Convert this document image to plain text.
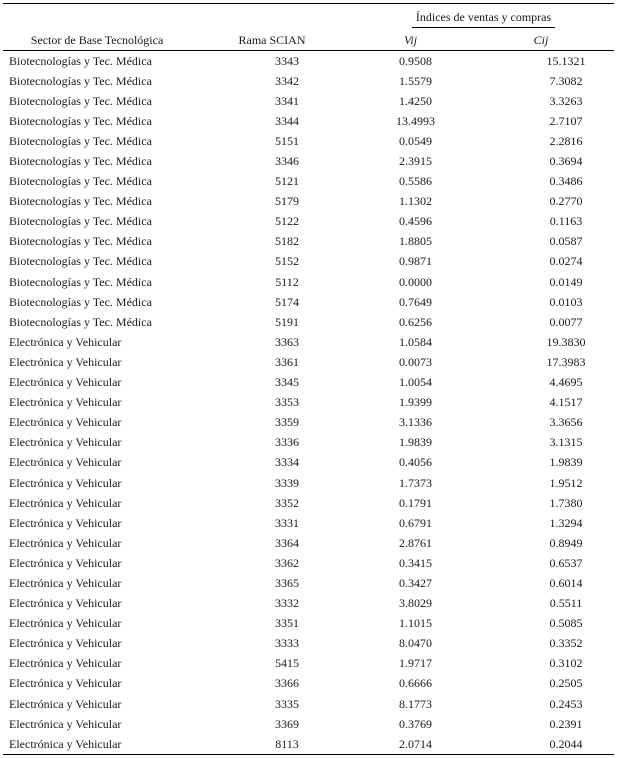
		Índices de ventas y compras	
Sector de Base Tecnológica	Rama SCIAN	Vij	Cij
Biotecnologías y Tec. Médica	3343	0.9508	15.1321
Biotecnologías y Tec. Médica	3342	1.5579	7.3082
Biotecnologías y Tec. Médica	3341	1.4250	3.3263
Biotecnologías y Tec. Médica	3344	13.4993	2.7107
Biotecnologías y Tec. Médica	5151	0.0549	2.2816
Biotecnologías y Tec. Médica	3346	2.3915	0.3694
Biotecnologías y Tec. Médica	5121	0.5586	0.3486
Biotecnologías y Tec. Médica	5179	1.1302	0.2770
Biotecnologías y Tec. Médica	5122	0.4596	0.1163
Biotecnologías y Tec. Médica	5182	1.8805	0.0587
Biotecnologías y Tec. Médica	5152	0.9871	0.0274
Biotecnologías y Tec. Médica	5112	0.0000	0.0149
Biotecnologías y Tec. Médica	5174	0.7649	0.0103
Biotecnologías y Tec. Médica	5191	0.6256	0.0077
Electrónica y Vehicular	3363	1.0584	19.3830
Electrónica y Vehicular	3361	0.0073	17.3983
Electrónica y Vehicular	3345	1.0054	4.4695
Electrónica y Vehicular	3353	1.9399	4.1517
Electrónica y Vehicular	3359	3.1336	3.3656
Electrónica y Vehicular	3336	1.9839	3.1315
Electrónica y Vehicular	3334	0.4056	1.9839
Electrónica y Vehicular	3339	1.7373	1.9512
Electrónica y Vehicular	3352	0.1791	1.7380
Electrónica y Vehicular	3331	0.6791	1.3294
Electrónica y Vehicular	3364	2.8761	0.8949
Electrónica y Vehicular	3362	0.3415	0.6537
Electrónica y Vehicular	3365	0.3427	0.6014
Electrónica y Vehicular	3332	3.8029	0.5511
Electrónica y Vehicular	3351	1.1015	0.5085
Electrónica y Vehicular	3333	8.0470	0.3352
Electrónica y Vehicular	5415	1.9717	0.3102
Electrónica y Vehicular	3366	0.6666	0.2505
Electrónica y Vehicular	3335	8.1773	0.2453
Electrónica y Vehicular	3369	0.3769	0.2391
Electrónica y Vehicular	8113	2.0714	0.2044
